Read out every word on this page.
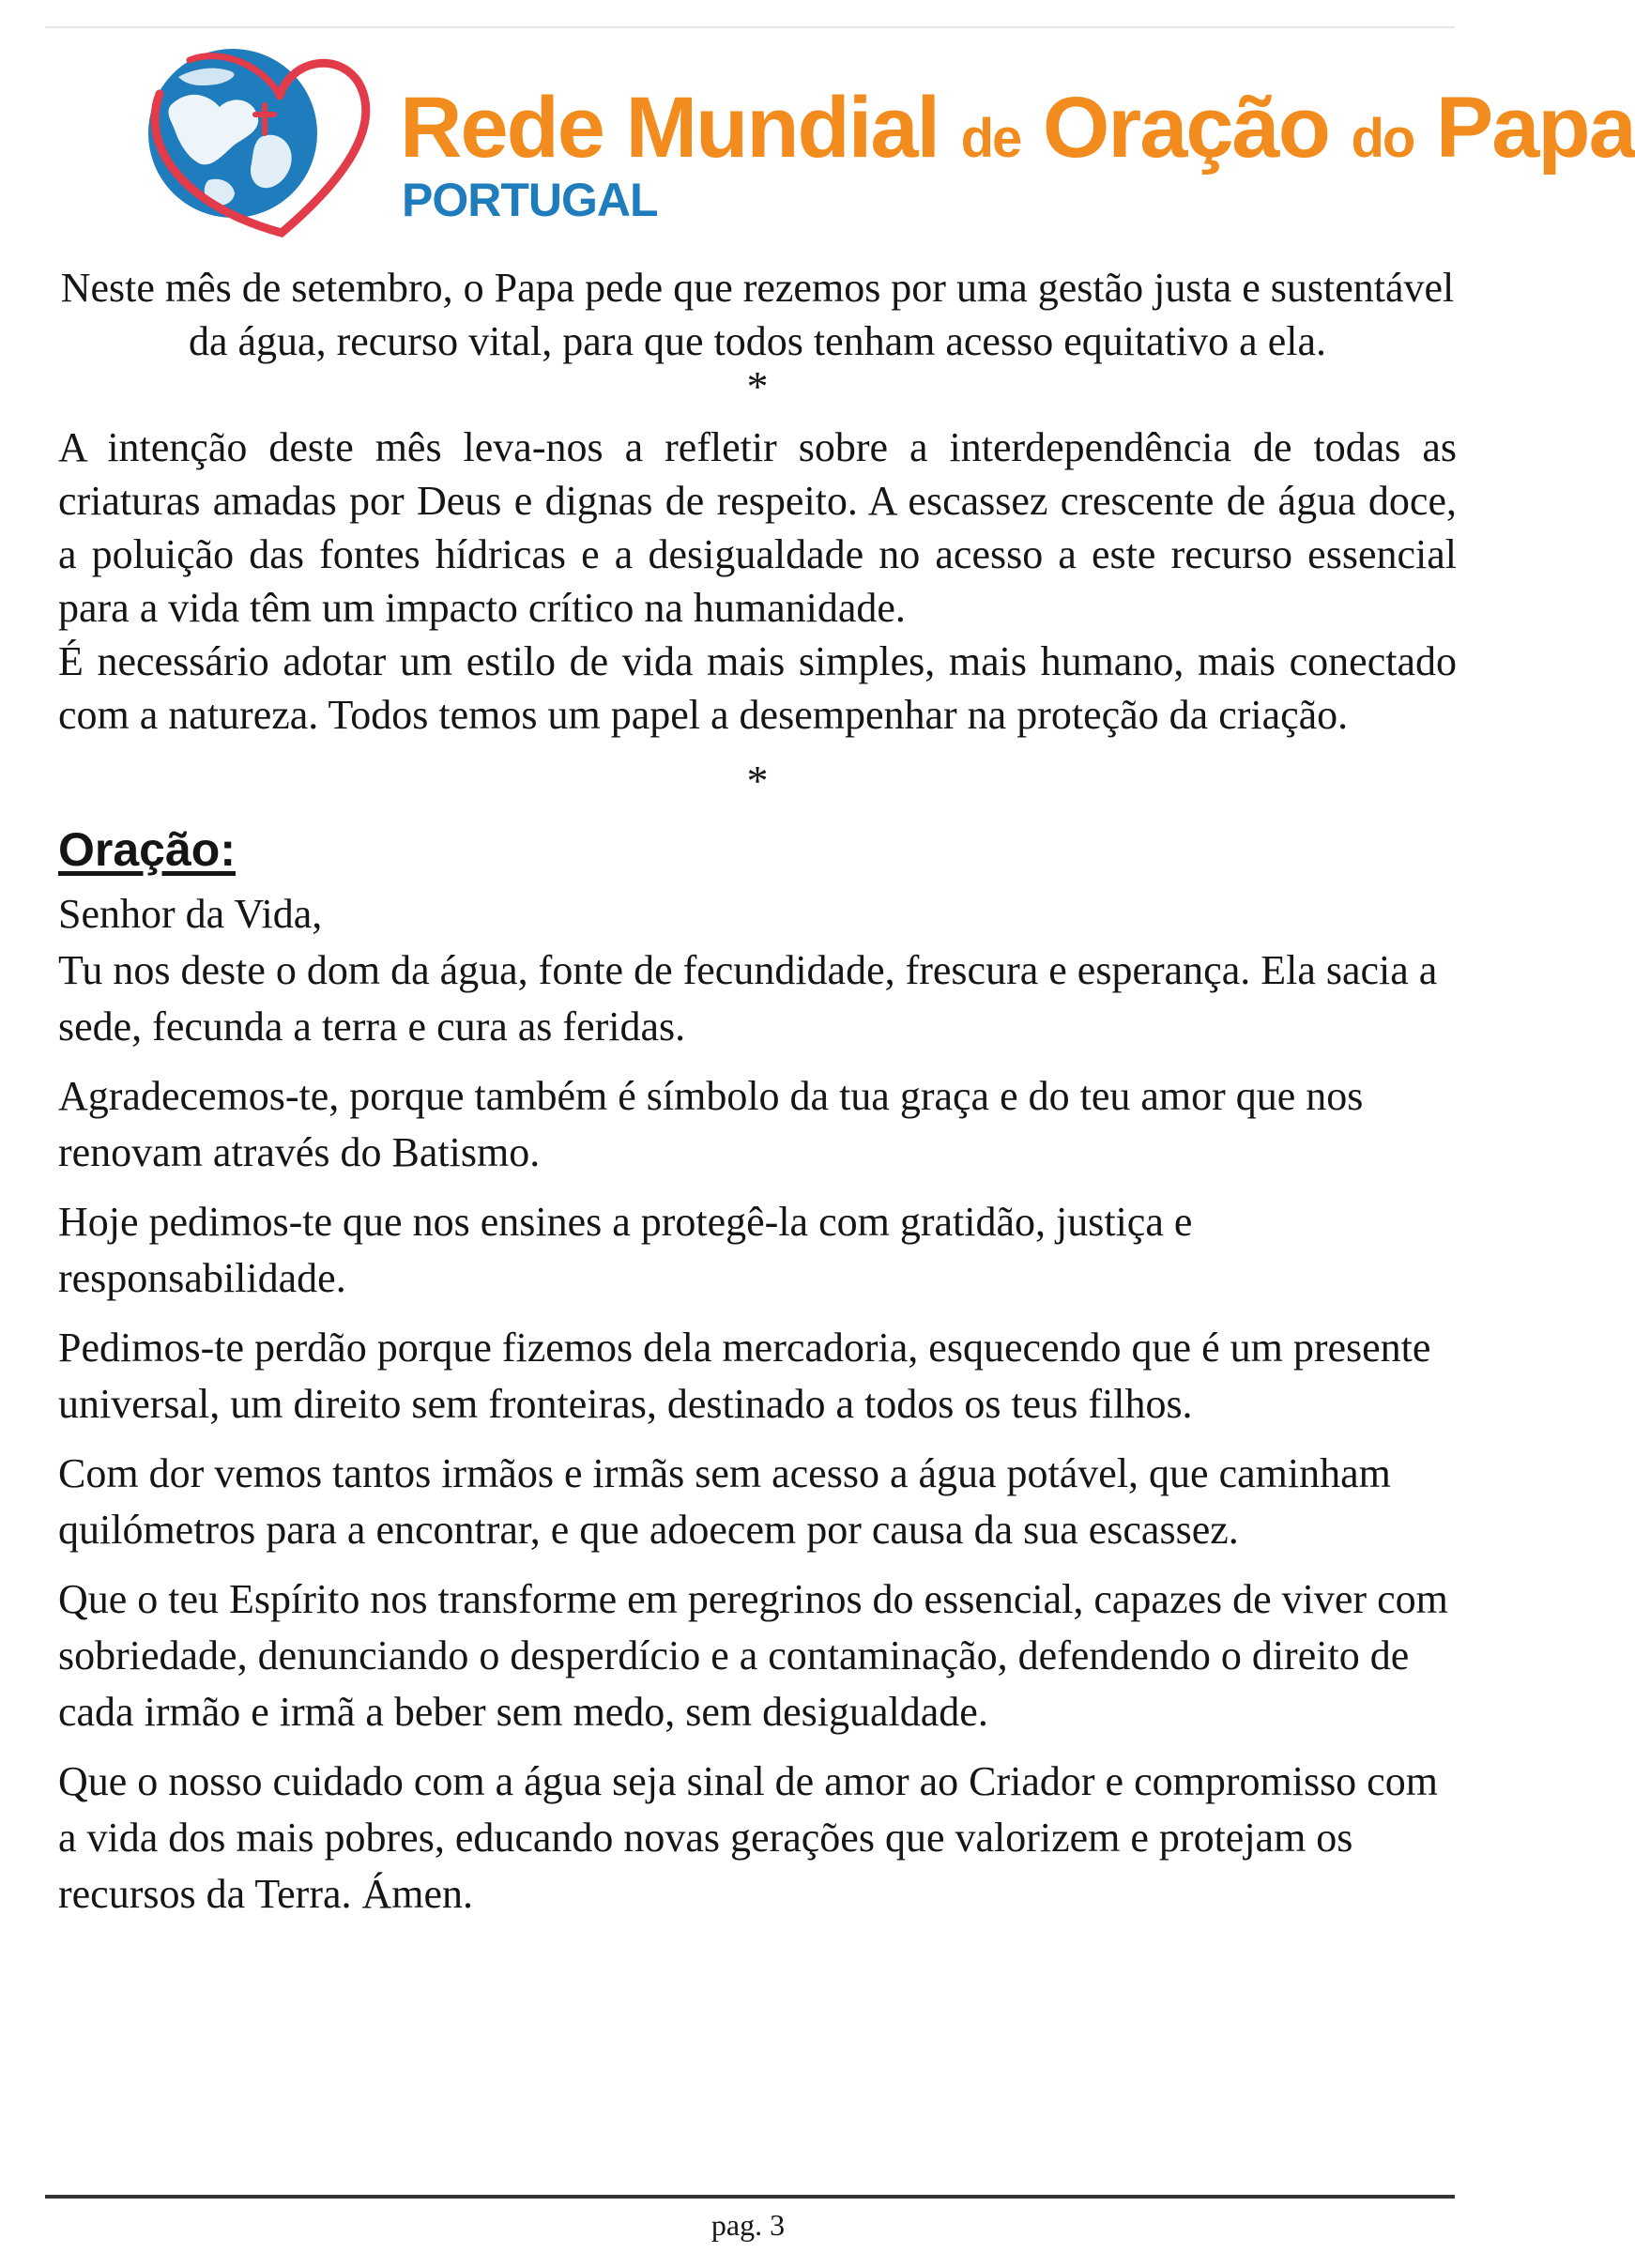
Rede Mundial de Oração do Papa
PORTUGAL

Neste mês de setembro, o Papa pede que rezemos por uma gestão justa e sustentável da água, recurso vital, para que todos tenham acesso equitativo a ela.

*

A intenção deste mês leva-nos a refletir sobre a interdependência de todas as criaturas amadas por Deus e dignas de respeito. A escassez crescente de água doce, a poluição das fontes hídricas e a desigualdade no acesso a este recurso essencial para a vida têm um impacto crítico na humanidade.

É necessário adotar um estilo de vida mais simples, mais humano, mais conectado com a natureza. Todos temos um papel a desempenhar na proteção da criação.

*

Oração:

Senhor da Vida,
Tu nos deste o dom da água, fonte de fecundidade, frescura e esperança. Ela sacia a sede, fecunda a terra e cura as feridas.

Agradecemos-te, porque também é símbolo da tua graça e do teu amor que nos renovam através do Batismo.

Hoje pedimos-te que nos ensines a protegê-la com gratidão, justiça e responsabilidade.

Pedimos-te perdão porque fizemos dela mercadoria, esquecendo que é um presente universal, um direito sem fronteiras, destinado a todos os teus filhos.

Com dor vemos tantos irmãos e irmãs sem acesso a água potável, que caminham quilómetros para a encontrar, e que adoecem por causa da sua escassez.

Que o teu Espírito nos transforme em peregrinos do essencial, capazes de viver com sobriedade, denunciando o desperdício e a contaminação, defendendo o direito de cada irmão e irmã a beber sem medo, sem desigualdade.

Que o nosso cuidado com a água seja sinal de amor ao Criador e compromisso com a vida dos mais pobres, educando novas gerações que valorizem e protejam os recursos da Terra. Ámen.

pag. 3
